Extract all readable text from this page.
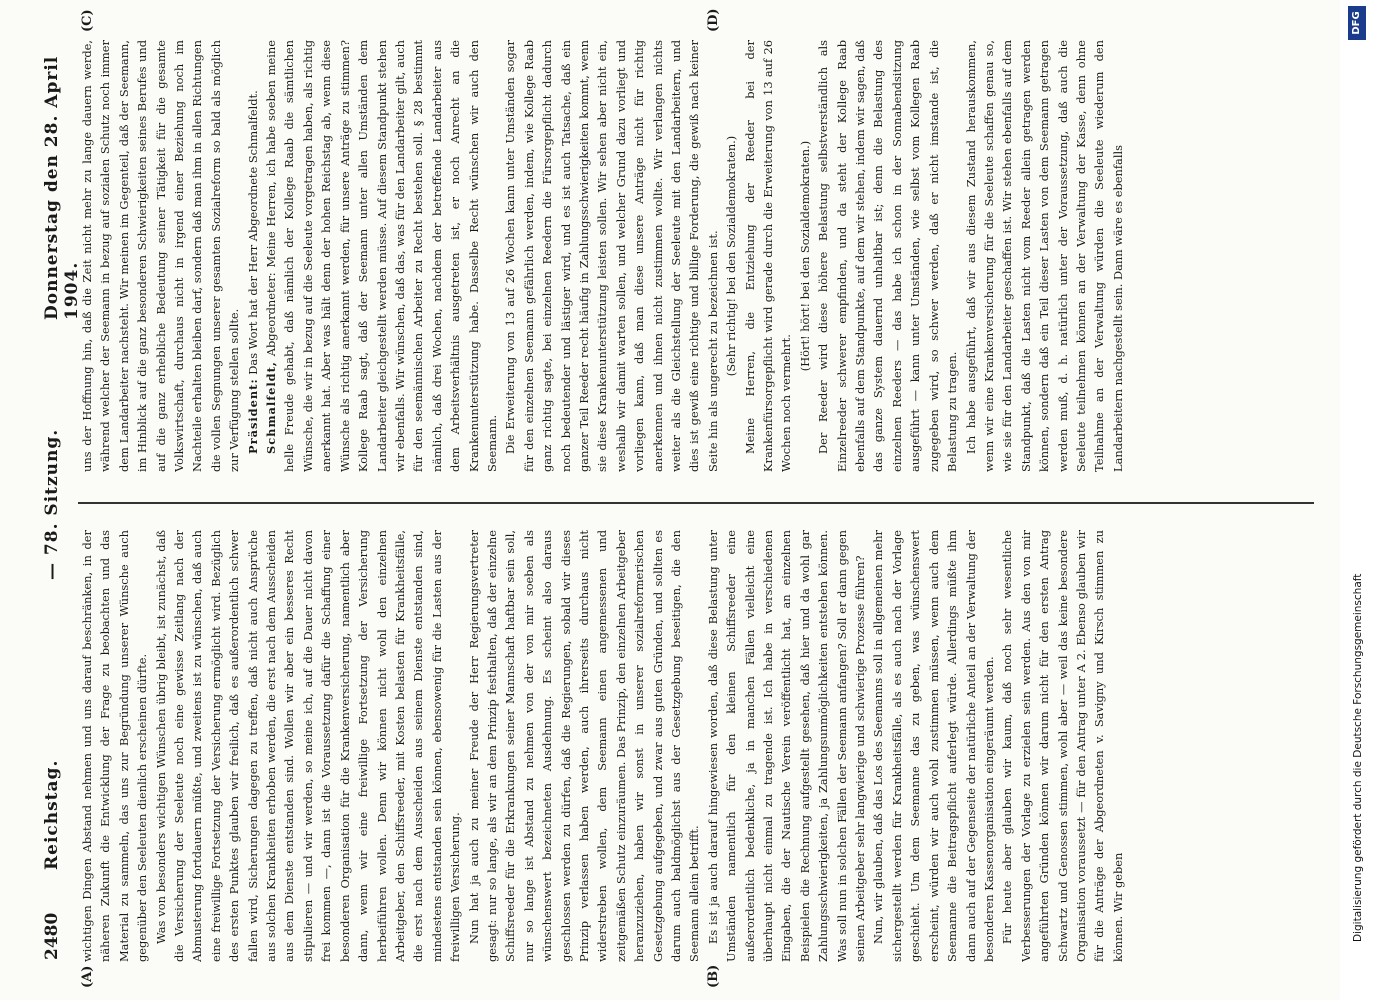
2480
Reichstag.
— 78. Sitzung.
Donnerstag den 28. April 1904.
(A)	(B)
(C)	(D)

wichtigen Dingen Abstand nehmen und uns darauf beschränken, in der näheren Zukunft die Entwicklung der Frage zu beobachten und das Material zu sammeln, das uns zur Begründung unserer Wünsche auch gegenüber den Seeleuten dienlich erscheinen dürfte. Was von besonders wichtigen Wünschen übrig bleibt, ist zunächst, daß die Versicherung der Seeleute noch eine gewisse Zeitlang nach der Abmusterung fortdauern müßte, und zweitens ist zu wünschen, daß auch eine freiwillige Fortsetzung der Versicherung ermöglicht wird. Bezüglich des ersten Punktes glauben wir freilich, daß es außerordentlich schwer fallen wird, Sicherungen dagegen zu treffen, daß nicht auch Ansprüche aus solchen Krankheiten erhoben werden, die erst nach dem Ausscheiden aus dem Dienste entstanden sind. Wollen wir aber ein besseres Recht stipulieren — und wir werden, so meine ich, auf die Dauer nicht davon frei kommen —, dann ist die Voraussetzung dafür die Schaffung einer besonderen Organisation für die Krankenversicherung, namentlich aber dann, wenn wir eine freiwillige Fortsetzung der Versicherung herbeiführen wollen. Denn wir können nicht wohl den einzelnen Arbeitgeber, den Schiffsreeder, mit Kosten belasten für Krankheitsfälle, die erst nach dem Ausscheiden aus seinem Dienste entstanden sind, mindestens entstanden sein können, ebensowenig für die Lasten aus der freiwilligen Versicherung. Nun hat ja auch zu meiner Freude der Herr Regierungsvertreter gesagt: nur so lange, als wir an dem Prinzip festhalten, daß der einzelne Schiffsreeder für die Erkrankungen seiner Mannschaft haftbar sein soll, nur so lange ist Abstand zu nehmen von der von mir soeben als wünschenswert bezeichneten Ausdehnung. Es scheint also daraus geschlossen werden zu dürfen, daß die Regierungen, sobald wir dieses Prinzip verlassen haben werden, auch ihrerseits durchaus nicht widerstreben wollen, dem Seemann einen angemessenen und zeitgemäßen Schutz einzuräumen. Das Prinzip, den einzelnen Arbeitgeber heranzuziehen, haben wir sonst in unserer sozialreformerischen Gesetzgebung aufgegeben, und zwar aus guten Gründen, und sollten es darum auch baldmöglichst aus der Gesetzgebung beseitigen, die den Seemann allein betrifft. Es ist ja auch darauf hingewiesen worden, daß diese Belastung unter Umständen namentlich für den kleinen Schiffsreeder eine außerordentlich bedenkliche, ja in manchen Fällen vielleicht eine überhaupt nicht einmal zu tragende ist. Ich habe in verschiedenen Eingaben, die der Nautische Verein veröffentlicht hat, an einzelnen Beispielen die Rechnung aufgestellt gesehen, daß hier und da wohl gar Zahlungsschwierigkeiten, ja Zahlungsunmöglichkeiten entstehen können. Was soll nun in solchen Fällen der Seemann anfangen? Soll er dann gegen seinen Arbeitgeber sehr langwierige und schwierige Prozesse führen? Nun, wir glauben, daß das Los des Seemanns soll in allgemeinen mehr sichergestellt werden für Krankheitsfälle, als es auch nach der Vorlage geschieht. Um dem Seemanne das zu geben, was wünschenswert erscheint, würden wir auch wohl zustimmen müssen, wenn auch dem Seemanne die Beitragspflicht auferlegt würde. Allerdings müßte ihm dann auch auf der Gegenseite der natürliche Anteil an der Verwaltung der besonderen Kassenorganisation eingeräumt werden. Für heute aber glauben wir kaum, daß noch sehr wesentliche Verbesserungen der Vorlage zu erzielen sein werden. Aus den von mir angeführten Gründen können wir darum nicht für den ersten Antrag Schwartz und Genossen stimmen, wohl aber — weil das keine besondere Organisation voraussetzt — für den Antrag unter A 2. Ebenso glauben wir für die Anträge der Abgeordneten v. Savigny und Kirsch stimmen zu können. Wir geben

uns der Hoffnung hin, daß die Zeit nicht mehr zu lange dauern werde, während welcher der Seemann in bezug auf sozialen Schutz noch immer dem Landarbeiter nachsteht. Wir meinen im Gegenteil, daß der Seemann, im Hinblick auf die ganz besonderen Schwierigkeiten seines Berufes und auf die ganz erhebliche Bedeutung seiner Tätigkeit für die gesamte Volkswirtschaft, durchaus nicht in irgend einer Beziehung noch im Nachteile erhalten bleiben darf, sondern daß man ihm in allen Richtungen die vollen Segnungen unserer gesamten Sozialreform so bald als möglich zur Verfügung stellen sollte. Präsident: Das Wort hat der Herr Abgeordnete Schmalfeldt.

Schmalfeldt, Abgeordneter: Meine Herren, ich habe soeben meine helle Freude gehabt, daß nämlich der Kollege Raab die sämtlichen Wünsche, die wir in bezug auf die Seeleute vorgetragen haben, als richtig anerkannt hat. Aber was hält denn der hohen Reichstag ab, wenn diese Wünsche als richtig anerkannt werden, für unsere Anträge zu stimmen? Kollege Raab sagt, daß der Seemann unter allen Umständen dem Landarbeiter gleichgestellt werden müsse. Auf diesem Standpunkt stehen wir ebenfalls. Wir wünschen, daß das, was für den Landarbeiter gilt, auch für den seemännischen Arbeiter zu Recht bestehen soll. § 28 bestimmt nämlich, daß drei Wochen, nachdem der betreffende Landarbeiter aus dem Arbeitsverhältnis ausgetreten ist, er noch Anrecht an die Krankenunterstützung habe. Dasselbe Recht wünschen wir auch den Seemann. Die Erweiterung von 13 auf 26 Wochen kann unter Umständen sogar für den einzelnen Seemann gefährlich werden, indem, wie Kollege Raab ganz richtig sagte, bei einzelnen Reedern die Fürsorgepflicht dadurch noch bedeutender und lästiger wird, und es ist auch Tatsache, daß ein ganzer Teil Reeder recht häufig in Zahlungsschwierigkeiten kommt, wenn sie diese Krankenunterstützung leisten sollen. Wir sehen aber nicht ein, weshalb wir damit warten sollen, und welcher Grund dazu vorliegt und vorliegen kann, daß man diese unsere Anträge nicht für richtig anerkennen und ihnen nicht zustimmen wollte. Wir verlangen nichts weiter als die Gleichstellung der Seeleute mit den Landarbeitern, und dies ist gewiß eine richtige und billige Forderung, die gewiß nach keiner Seite hin als ungerecht zu bezeichnen ist. (Sehr richtig! bei den Sozialdemokraten.) Meine Herren, die Entziehung der Reeder bei der Krankenfürsorgepflicht wird gerade durch die Erweiterung von 13 auf 26 Wochen noch vermehrt.

(Hört! hört! bei den Sozialdemokraten.) Der Reeder wird diese höhere Belastung selbstverständlich als Einzelreeder schwerer empfinden, und da steht der Kollege Raab ebenfalls auf dem Standpunkte, auf dem wir stehen, indem wir sagen, daß das ganze System dauernd unhaltbar ist; denn die Belastung des einzelnen Reeders — das habe ich schon in der Sonnabendsitzung ausgeführt — kann unter Umständen, wie selbst vom Kollegen Raab zugegeben wird, so schwer werden, daß er nicht imstande ist, die Belastung zu tragen. Ich habe ausgeführt, daß wir aus diesem Zustand herauskommen, wenn wir eine Krankenversicherung für die Seeleute schaffen genau so, wie sie für den Landarbeiter geschaffen ist. Wir stehen ebenfalls auf dem Standpunkt, daß die Lasten nicht vom Reeder allein getragen werden können, sondern daß ein Teil dieser Lasten von dem Seemann getragen werden muß, d. h. natürlich unter der Voraussetzung, daß auch die Seeleute teilnehmen können an der Verwaltung der Kasse, denn ohne Teilnahme an der Verwaltung würden die Seeleute wiederum den Landarbeitern nachgestellt sein. Dann wäre es ebenfalls

DFG
Digitalisierung gefördert durch die Deutsche Forschungsgemeinschaft
